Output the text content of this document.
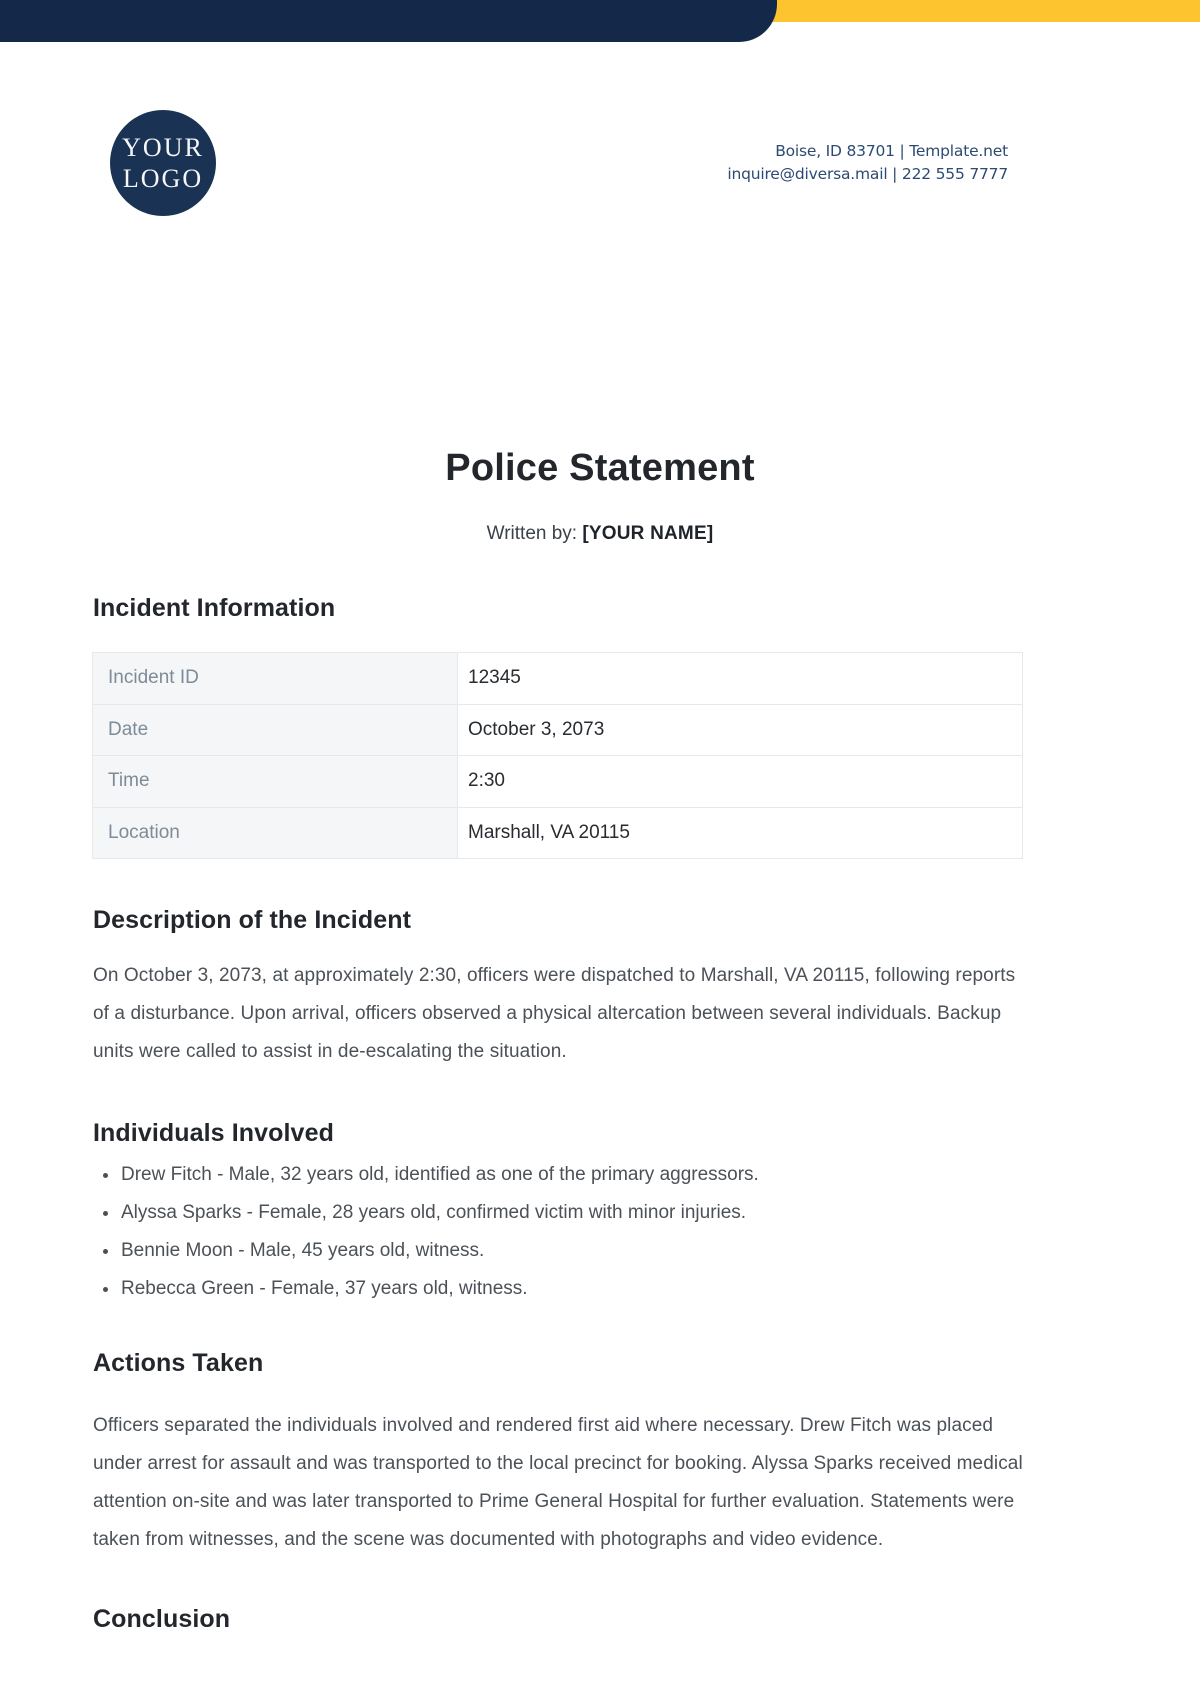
YOUR
LOGO
Boise, ID 83701 | Template.net
inquire@diversa.mail | 222 555 7777
Police Statement

Written by: [YOUR NAME]

Incident Information
Incident ID	12345
Date	October 3, 2073
Time	2:30
Location	Marshall, VA 20115
Description of the Incident

On October 3, 2073, at approximately 2:30, officers were dispatched to Marshall, VA 20115, following reports of a disturbance. Upon arrival, officers observed a physical altercation between several individuals. Backup units were called to assist in de-escalating the situation.

Individuals Involved
Drew Fitch - Male, 32 years old, identified as one of the primary aggressors.
Alyssa Sparks - Female, 28 years old, confirmed victim with minor injuries.
Bennie Moon - Male, 45 years old, witness.
Rebecca Green - Female, 37 years old, witness.
Actions Taken

Officers separated the individuals involved and rendered first aid where necessary. Drew Fitch was placed under arrest for assault and was transported to the local precinct for booking. Alyssa Sparks received medical attention on-site and was later transported to Prime General Hospital for further evaluation. Statements were taken from witnesses, and the scene was documented with photographs and video evidence.

Conclusion
